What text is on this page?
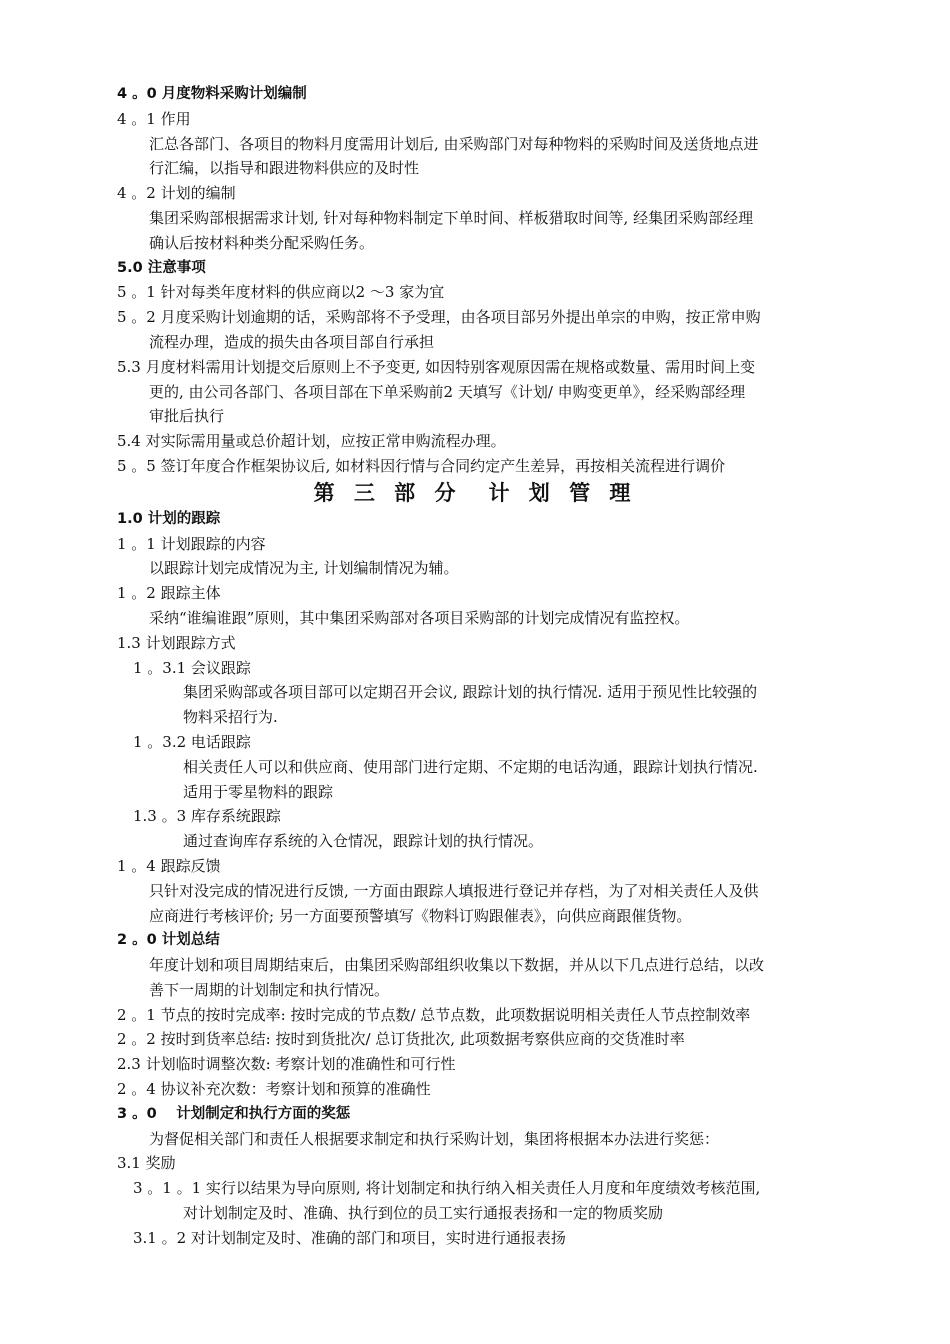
4 。0 月度物料采购计划编制
4 。1 作用
汇总各部门、各项目的物料月度需用计划后, 由采购部门对每种物料的采购时间及送货地点进
行汇编，以指导和跟进物料供应的及时性
4 。2 计划的编制
集团采购部根据需求计划, 针对每种物料制定下单时间、样板猎取时间等, 经集团采购部经理
确认后按材料种类分配采购任务。
5.0 注意事项
5 。1 针对每类年度材料的供应商以2 ～3 家为宜
5 。2 月度采购计划逾期的话，采购部将不予受理，由各项目部另外提出单宗的申购，按正常申购
流程办理，造成的损失由各项目部自行承担
5.3 月度材料需用计划提交后原则上不予变更, 如因特别客观原因需在规格或数量、需用时间上变
更的, 由公司各部门、各项目部在下单采购前2 天填写《计划/ 申购变更单》，经采购部经理
审批后执行
5.4 对实际需用量或总价超计划，应按正常申购流程办理。
5 。5 签订年度合作框架协议后, 如材料因行情与合同约定产生差异，再按相关流程进行调价
第 三 部 分　计 划 管 理
1.0 计划的跟踪
1 。1 计划跟踪的内容
以跟踪计划完成情况为主, 计划编制情况为辅。
1 。2 跟踪主体
采纳“谁编谁跟”原则，其中集团采购部对各项目采购部的计划完成情况有监控权。
1.3 计划跟踪方式
1 。3.1 会议跟踪
集团采购部或各项目部可以定期召开会议, 跟踪计划的执行情况. 适用于预见性比较强的
物料采招行为.
1 。3.2 电话跟踪
相关责任人可以和供应商、使用部门进行定期、不定期的电话沟通，跟踪计划执行情况.
适用于零星物料的跟踪
1.3 。3 库存系统跟踪
通过查询库存系统的入仓情况，跟踪计划的执行情况。
1 。4 跟踪反馈
只针对没完成的情况进行反馈, 一方面由跟踪人填报进行登记并存档，为了对相关责任人及供
应商进行考核评价; 另一方面要预警填写《物料订购跟催表》，向供应商跟催货物。
2 。0 计划总结
年度计划和项目周期结束后，由集团采购部组织收集以下数据，并从以下几点进行总结，以改
善下一周期的计划制定和执行情况。
2 。1 节点的按时完成率: 按时完成的节点数/ 总节点数，此项数据说明相关责任人节点控制效率
2 。2 按时到货率总结: 按时到货批次/ 总订货批次, 此项数据考察供应商的交货准时率
2.3 计划临时调整次数: 考察计划的准确性和可行性
2 。4 协议补充次数：考察计划和预算的准确性
3 。0　 计划制定和执行方面的奖惩
为督促相关部门和责任人根据要求制定和执行采购计划，集团将根据本办法进行奖惩：
3.1 奖励
3 。1 。1 实行以结果为导向原则, 将计划制定和执行纳入相关责任人月度和年度绩效考核范围,
对计划制定及时、准确、执行到位的员工实行通报表扬和一定的物质奖励
3.1 。2 对计划制定及时、准确的部门和项目，实时进行通报表扬
